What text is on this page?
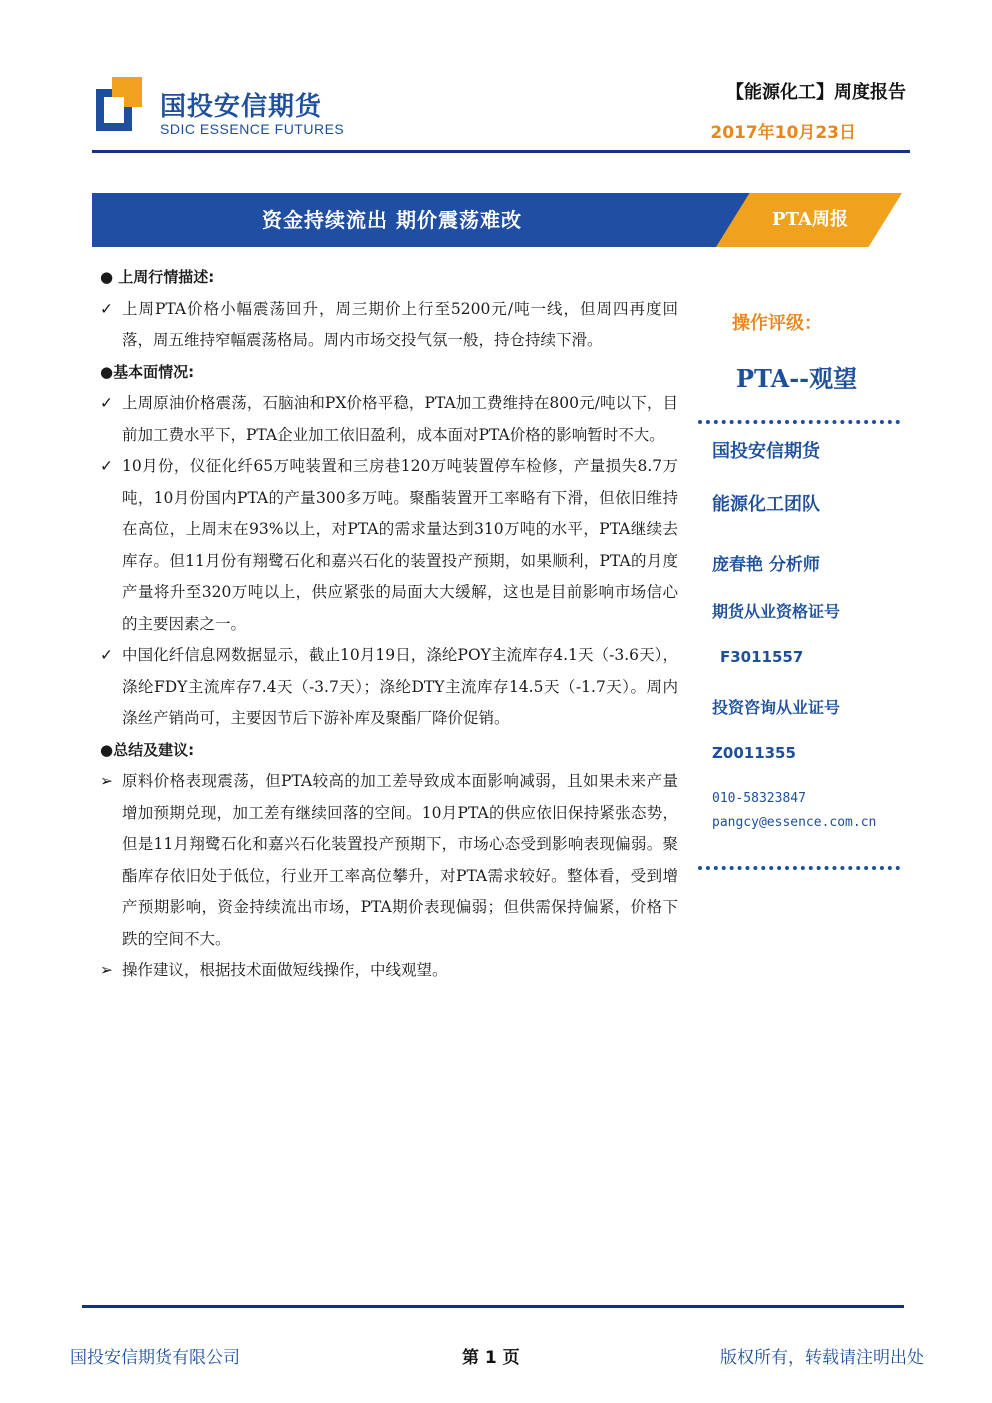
国投安信期货
SDIC ESSENCE FUTURES
【能源化工】周度报告
2017年10月23日
资金持续流出 期价震荡难改	PTA周报
● 上周行情描述:
✓ 上周PTA价格小幅震荡回升，周三期价上行至5200元/吨一线，但周四再度回落，周五维持窄幅震荡格局。周内市场交投气氛一般，持仓持续下滑。
●基本面情况:
✓ 上周原油价格震荡，石脑油和PX价格平稳，PTA加工费维持在800元/吨以下，目前加工费水平下，PTA企业加工依旧盈利，成本面对PTA价格的影响暂时不大。
✓ 10月份，仪征化纤65万吨装置和三房巷120万吨装置停车检修，产量损失8.7万吨，10月份国内PTA的产量300多万吨。聚酯装置开工率略有下滑，但依旧维持在高位，上周末在93%以上，对PTA的需求量达到310万吨的水平，PTA继续去库存。但11月份有翔鹭石化和嘉兴石化的装置投产预期，如果顺利，PTA的月度产量将升至320万吨以上，供应紧张的局面大大缓解，这也是目前影响市场信心的主要因素之一。
✓ 中国化纤信息网数据显示，截止10月19日，涤纶POY主流库存4.1天（-3.6天），涤纶FDY主流库存7.4天（-3.7天）；涤纶DTY主流库存14.5天（-1.7天）。周内涤丝产销尚可，主要因节后下游补库及聚酯厂降价促销。
●总结及建议:
➢ 原料价格表现震荡，但PTA较高的加工差导致成本面影响减弱，且如果未来产量增加预期兑现，加工差有继续回落的空间。10月PTA的供应依旧保持紧张态势，但是11月翔鹭石化和嘉兴石化装置投产预期下，市场心态受到影响表现偏弱。聚酯库存依旧处于低位，行业开工率高位攀升，对PTA需求较好。整体看，受到增产预期影响，资金持续流出市场，PTA期价表现偏弱；但供需保持偏紧，价格下跌的空间不大。
➢ 操作建议，根据技术面做短线操作，中线观望。
操作评级：
PTA--观望
国投安信期货
能源化工团队
庞春艳 分析师
期货从业资格证号
F3011557
投资咨询从业证号
Z0011355
010-58323847
pangcy@essence.com.cn
国投安信期货有限公司	第 1 页	版权所有，转载请注明出处
